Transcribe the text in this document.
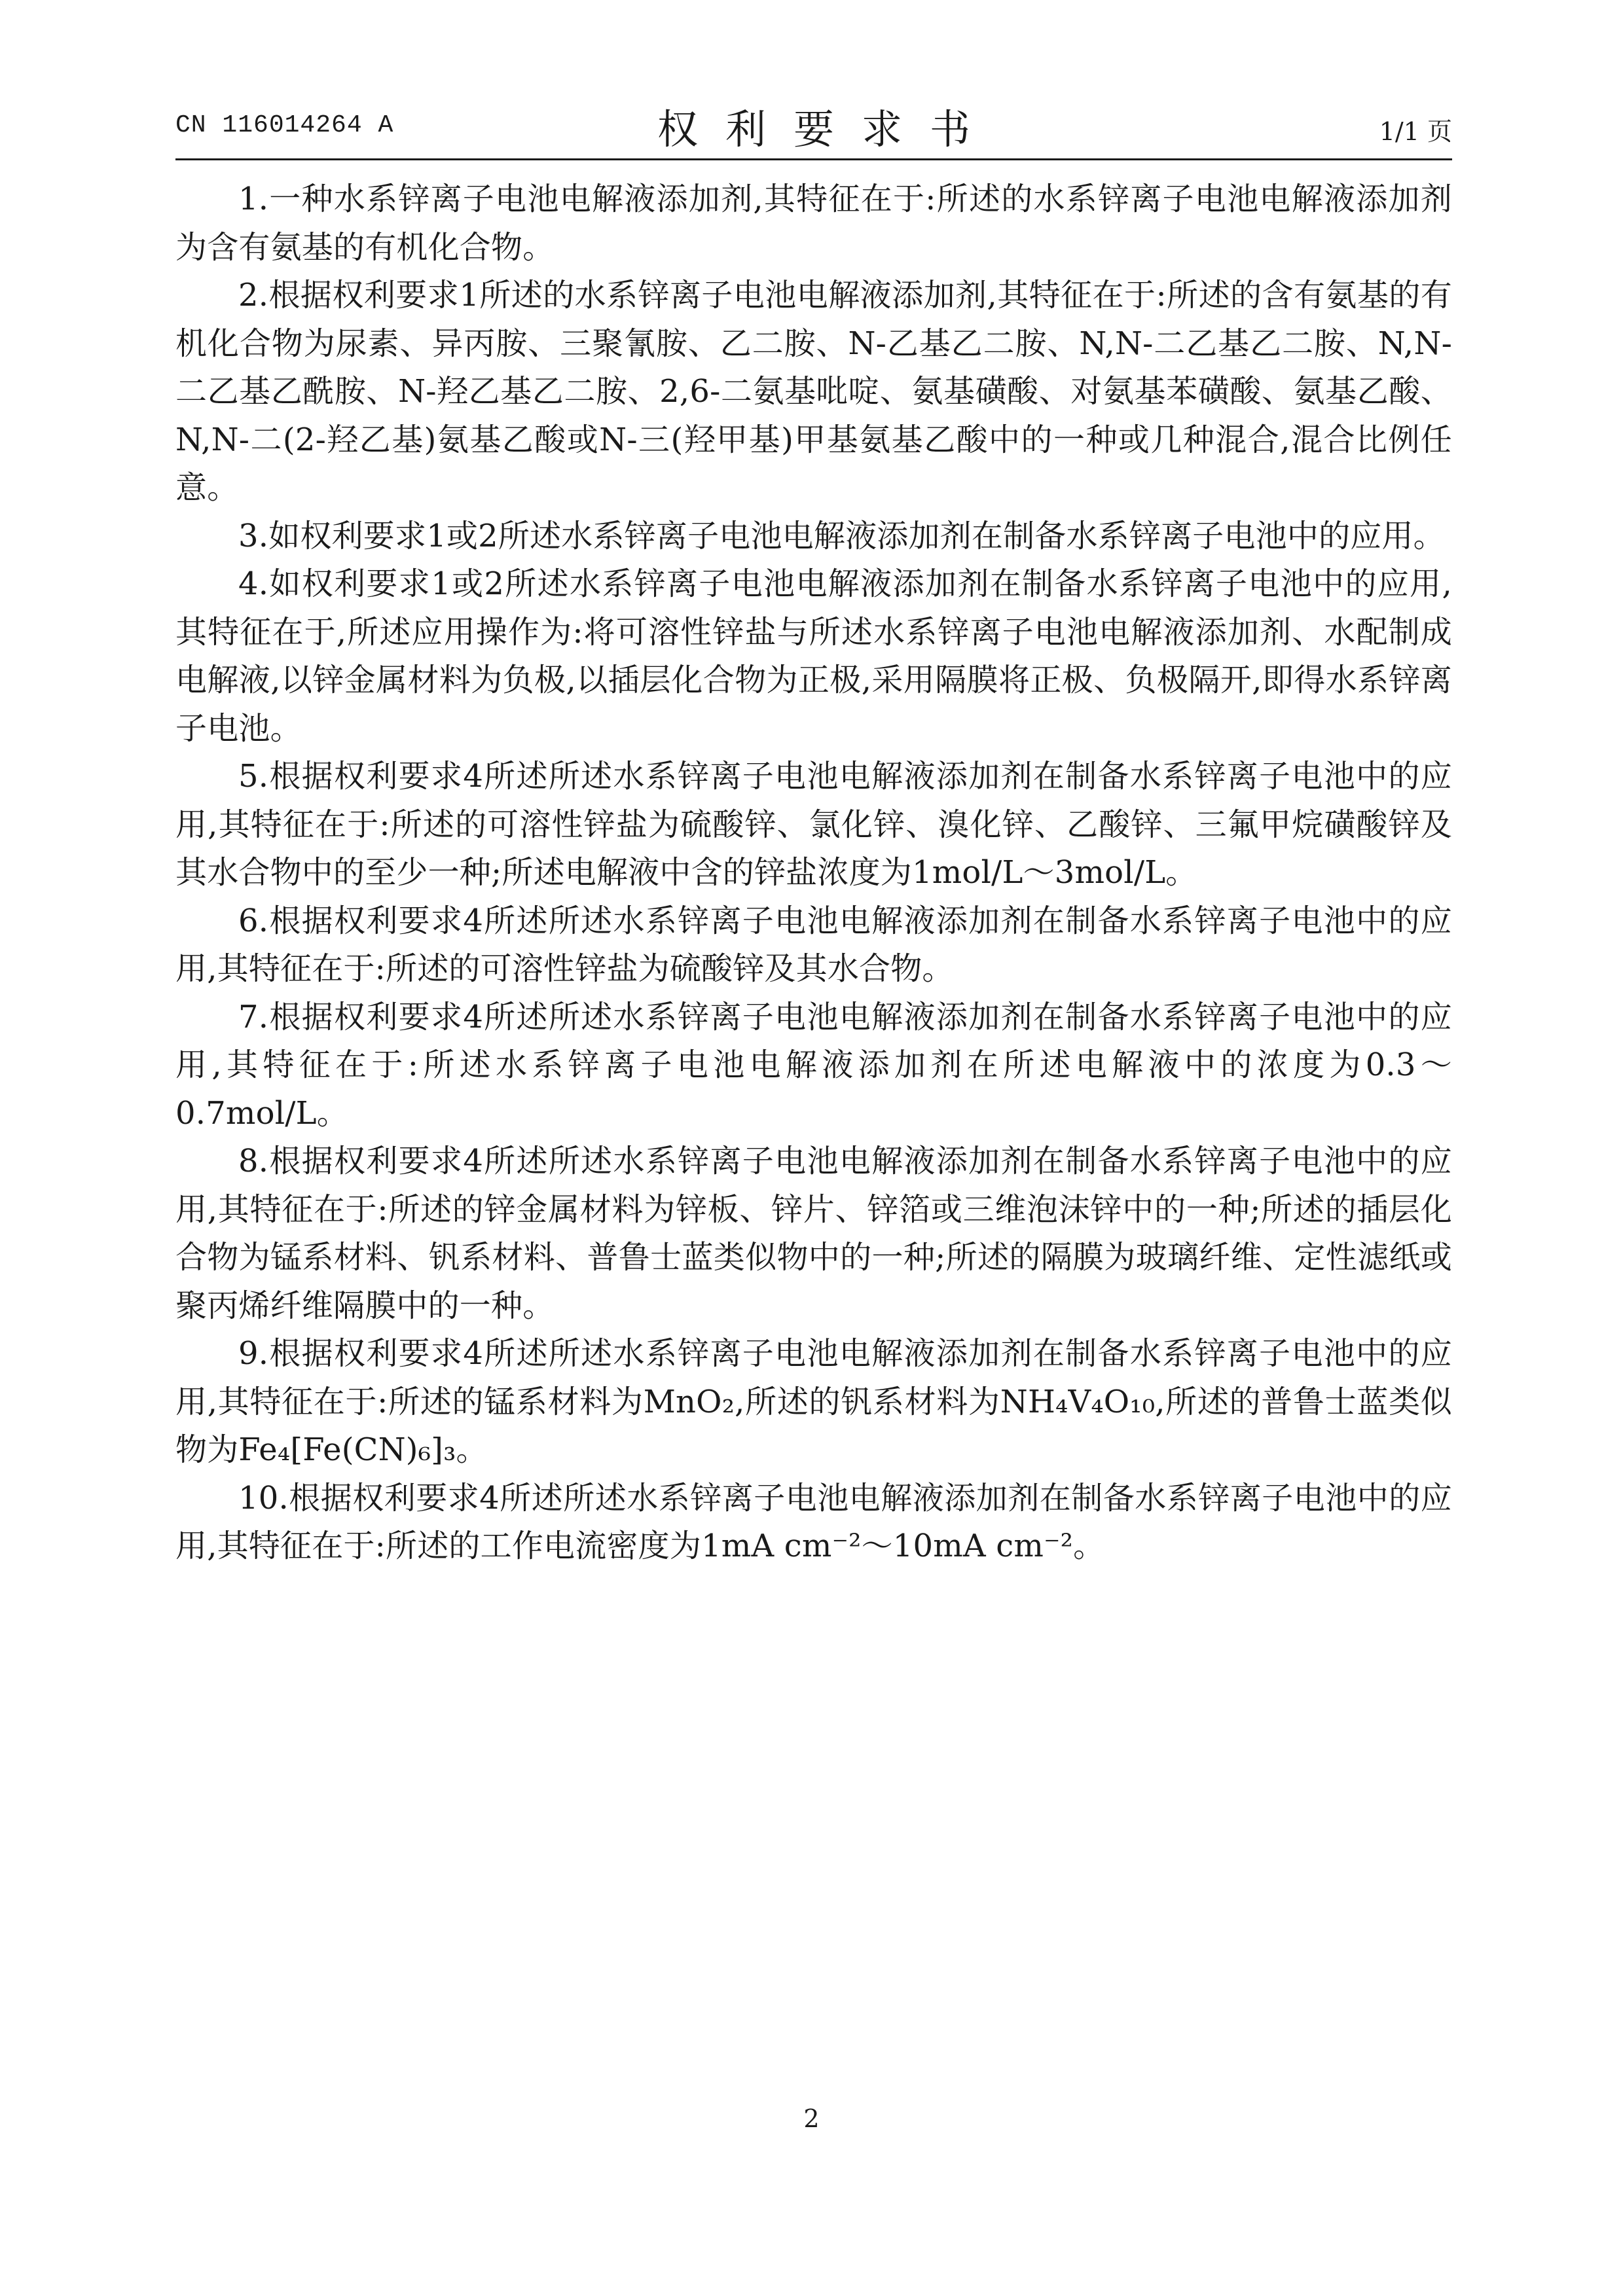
CN 116014264 A	权利要求书	1/1 页

1.一种水系锌离子电池电解液添加剂,其特征在于:所述的水系锌离子电池电解液添加剂为含有氨基的有机化合物。

2.根据权利要求1所述的水系锌离子电池电解液添加剂,其特征在于:所述的含有氨基的有机化合物为尿素、异丙胺、三聚氰胺、乙二胺、N-乙基乙二胺、N,N-二乙基乙二胺、N,N-二乙基乙酰胺、N-羟乙基乙二胺、2,6-二氨基吡啶、氨基磺酸、对氨基苯磺酸、氨基乙酸、N,N-二(2-羟乙基)氨基乙酸或N-三(羟甲基)甲基氨基乙酸中的一种或几种混合,混合比例任意。

3.如权利要求1或2所述水系锌离子电池电解液添加剂在制备水系锌离子电池中的应用。

4.如权利要求1或2所述水系锌离子电池电解液添加剂在制备水系锌离子电池中的应用,其特征在于,所述应用操作为:将可溶性锌盐与所述水系锌离子电池电解液添加剂、水配制成电解液,以锌金属材料为负极,以插层化合物为正极,采用隔膜将正极、负极隔开,即得水系锌离子电池。

5.根据权利要求4所述所述水系锌离子电池电解液添加剂在制备水系锌离子电池中的应用,其特征在于:所述的可溶性锌盐为硫酸锌、氯化锌、溴化锌、乙酸锌、三氟甲烷磺酸锌及其水合物中的至少一种;所述电解液中含的锌盐浓度为1mol/L～3mol/L。

6.根据权利要求4所述所述水系锌离子电池电解液添加剂在制备水系锌离子电池中的应用,其特征在于:所述的可溶性锌盐为硫酸锌及其水合物。

7.根据权利要求4所述所述水系锌离子电池电解液添加剂在制备水系锌离子电池中的应用,其特征在于:所述水系锌离子电池电解液添加剂在所述电解液中的浓度为0.3～0.7mol/L。

8.根据权利要求4所述所述水系锌离子电池电解液添加剂在制备水系锌离子电池中的应用,其特征在于:所述的锌金属材料为锌板、锌片、锌箔或三维泡沫锌中的一种;所述的插层化合物为锰系材料、钒系材料、普鲁士蓝类似物中的一种;所述的隔膜为玻璃纤维、定性滤纸或聚丙烯纤维隔膜中的一种。

9.根据权利要求4所述所述水系锌离子电池电解液添加剂在制备水系锌离子电池中的应用,其特征在于:所述的锰系材料为MnO₂,所述的钒系材料为NH₄V₄O₁₀,所述的普鲁士蓝类似物为Fe₄[Fe(CN)₆]₃。

10.根据权利要求4所述所述水系锌离子电池电解液添加剂在制备水系锌离子电池中的应用,其特征在于:所述的工作电流密度为1mA cm⁻²～10mA cm⁻²。

2
